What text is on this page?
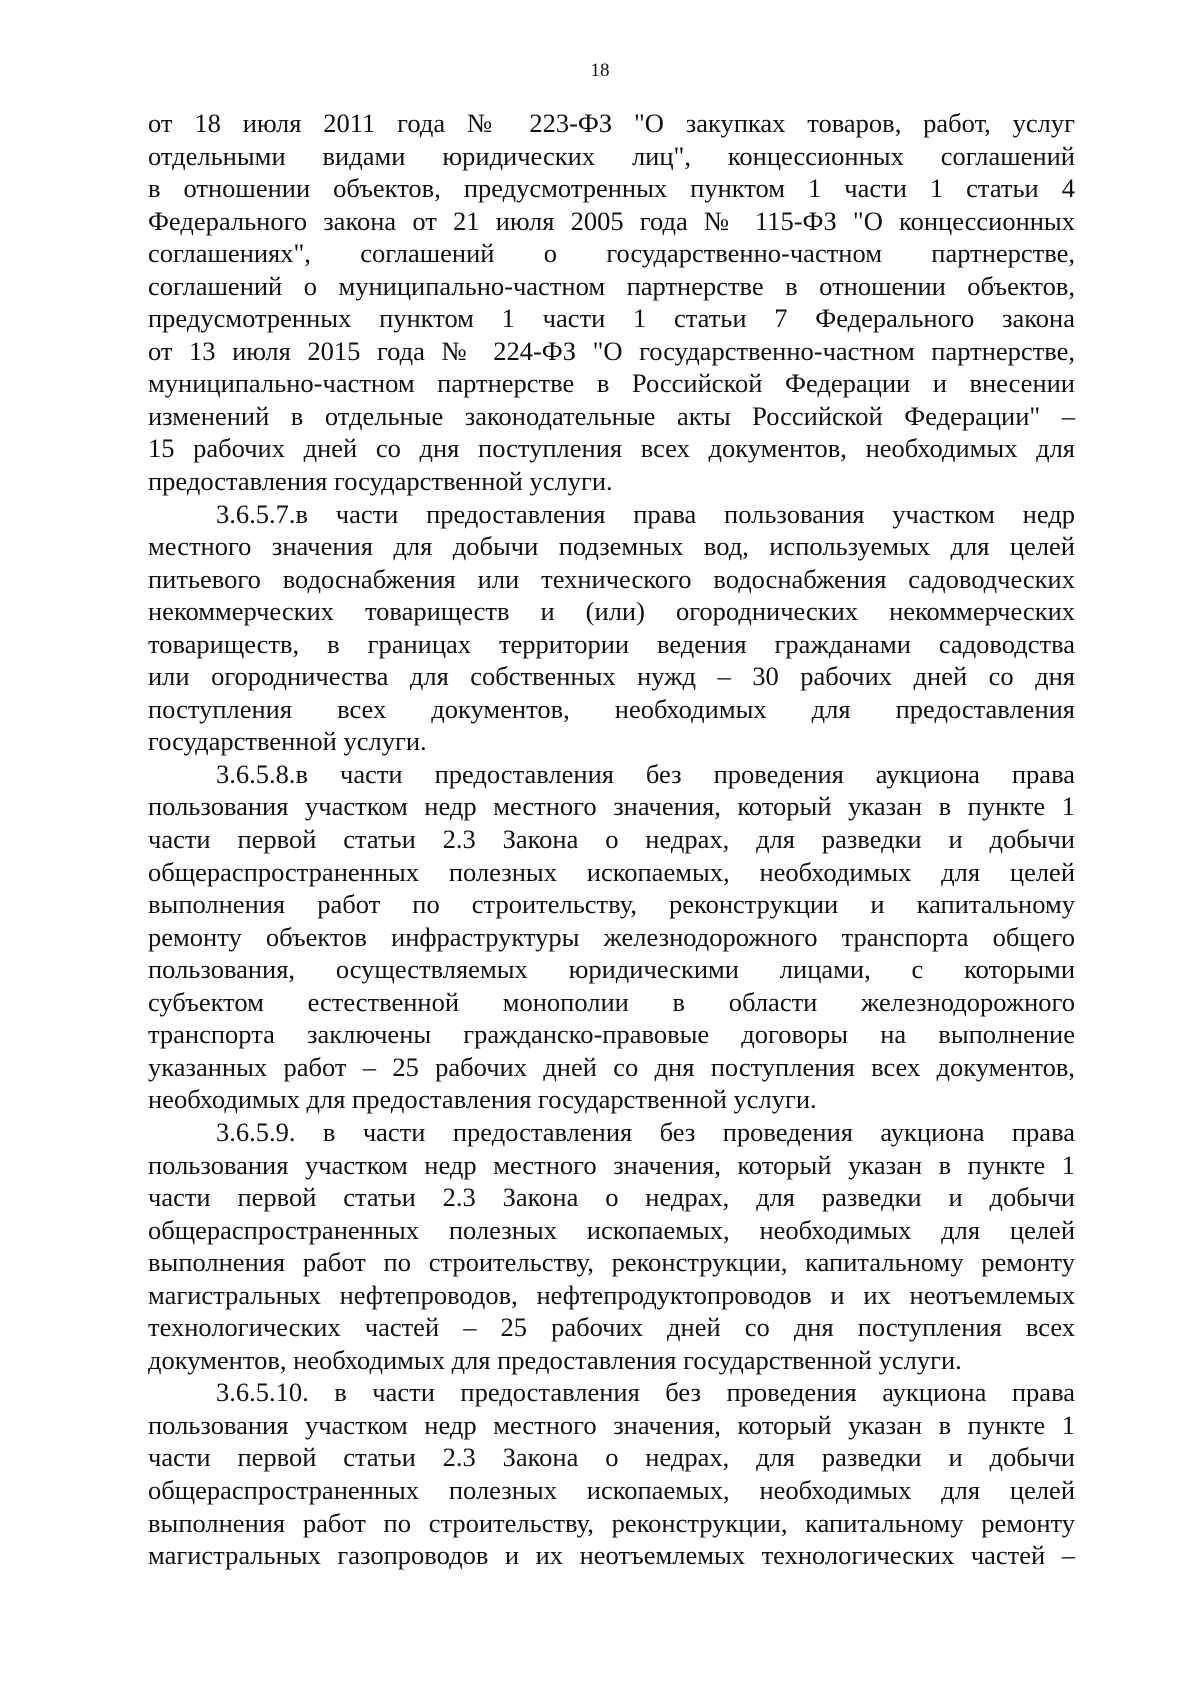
18
от 18 июля 2011 года № 223-ФЗ "О закупках товаров, работ, услуг
отдельными видами юридических лиц", концессионных соглашений
в отношении объектов, предусмотренных пунктом 1 части 1 статьи 4
Федерального закона от 21 июля 2005 года № 115-ФЗ "О концессионных
соглашениях", соглашений о государственно-частном партнерстве,
соглашений о муниципально-частном партнерстве в отношении объектов,
предусмотренных пунктом 1 части 1 статьи 7 Федерального закона
от 13 июля 2015 года № 224-ФЗ "О государственно-частном партнерстве,
муниципально-частном партнерстве в Российской Федерации и внесении
изменений в отдельные законодательные акты Российской Федерации" –
15 рабочих дней со дня поступления всех документов, необходимых для
предоставления государственной услуги.
3.6.5.7.в части предоставления права пользования участком недр
местного значения для добычи подземных вод, используемых для целей
питьевого водоснабжения или технического водоснабжения садоводческих
некоммерческих товариществ и (или) огороднических некоммерческих
товариществ, в границах территории ведения гражданами садоводства
или огородничества для собственных нужд – 30 рабочих дней со дня
поступления всех документов, необходимых для предоставления
государственной услуги.
3.6.5.8.в части предоставления без проведения аукциона права
пользования участком недр местного значения, который указан в пункте 1
части первой статьи 2.3 Закона о недрах, для разведки и добычи
общераспространенных полезных ископаемых, необходимых для целей
выполнения работ по строительству, реконструкции и капитальному
ремонту объектов инфраструктуры железнодорожного транспорта общего
пользования, осуществляемых юридическими лицами, с которыми
субъектом естественной монополии в области железнодорожного
транспорта заключены гражданско-правовые договоры на выполнение
указанных работ – 25 рабочих дней со дня поступления всех документов,
необходимых для предоставления государственной услуги.
3.6.5.9. в части предоставления без проведения аукциона права
пользования участком недр местного значения, который указан в пункте 1
части первой статьи 2.3 Закона о недрах, для разведки и добычи
общераспространенных полезных ископаемых, необходимых для целей
выполнения работ по строительству, реконструкции, капитальному ремонту
магистральных нефтепроводов, нефтепродуктопроводов и их неотъемлемых
технологических частей – 25 рабочих дней со дня поступления всех
документов, необходимых для предоставления государственной услуги.
3.6.5.10. в части предоставления без проведения аукциона права
пользования участком недр местного значения, который указан в пункте 1
части первой статьи 2.3 Закона о недрах, для разведки и добычи
общераспространенных полезных ископаемых, необходимых для целей
выполнения работ по строительству, реконструкции, капитальному ремонту
магистральных газопроводов и их неотъемлемых технологических частей –
